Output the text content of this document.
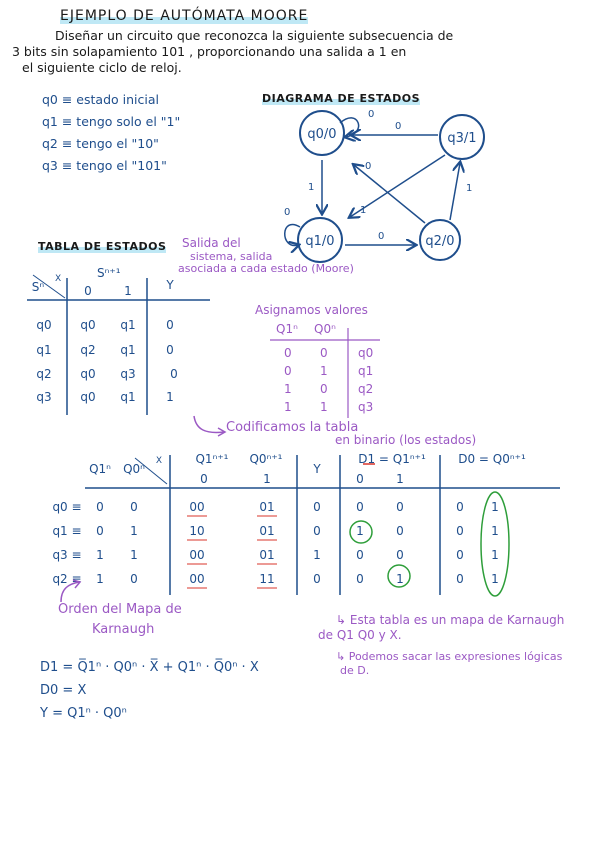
EJEMPLO DE AUTÓMATA MOORE
Diseñar un circuito que reconozca la siguiente subsecuencia de
3 bits sin solapamiento 101 , proporcionando una salida a 1 en
el siguiente ciclo de reloj.
q0 ≡ estado inicial
q1 ≡ tengo solo el "1"
q2 ≡ tengo el "10"
q3 ≡ tengo el "101"
DIAGRAMA DE ESTADOS
q0/0	q3/1
q1/0	q2/0
0
0
1
0
1
0
0
1
TABLA DE ESTADOS Salida del
sistema, salida
asociada a cada estado (Moore)
Sⁿ
X	Sⁿ⁺¹
0	1	Y
q0	q0	q1	0
q1	q2	q1	0
q2	q0	q3	0
q3	q0	q1	1
Asignamos valores
Q1ⁿ Q0ⁿ
0 0	q0
0 1	q1
1 0	q2
1 1	q3
Codificamos la tabla
en binario (los estados)
Q1ⁿ	Q0ⁿ
X	Q1ⁿ⁺¹	Q0ⁿ⁺¹
0	1
Y
D1 = Q1ⁿ⁺¹
0	1
D0 = Q0ⁿ⁺¹
q0 ≡	0	0	00	01	0	0	0	0	1
q1 ≡	0	1	10	01	0	1	0	0	1
q3 ≡	1	1	00	01	1	0	0	0	1
q2 ≡	1	0	00	11	0	0	1	0	1
Orden del Mapa de
Karnaugh
↳ Esta tabla es un mapa de Karnaugh
de Q1 Q0 y X.
↳ Podemos sacar las expresiones lógicas
de D.
D1 = Q̅1ⁿ · Q0ⁿ · X̅ + Q1ⁿ · Q̅0ⁿ · X
D0 = X
Y = Q1ⁿ · Q0ⁿ
